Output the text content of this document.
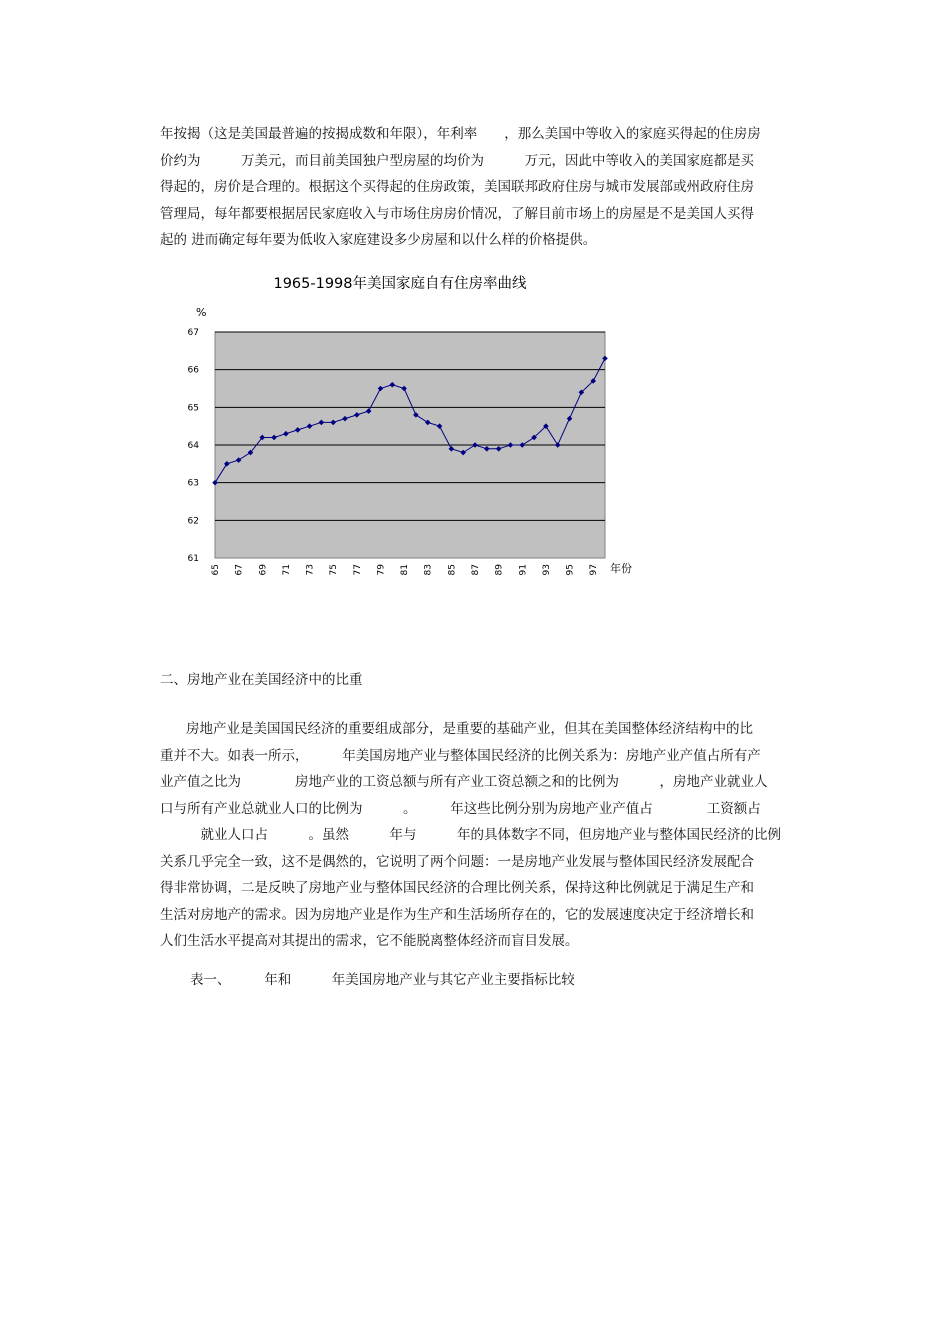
年按揭（这是美国最普遍的按揭成数和年限），年利率　　，那么美国中等收入的家庭买得起的住房房
价约为　　　万美元，而目前美国独户型房屋的均价为　　　万元，因此中等收入的美国家庭都是买
得起的，房价是合理的。根据这个买得起的住房政策，美国联邦政府住房与城市发展部或州政府住房
管理局，每年都要根据居民家庭收入与市场住房房价情况，了解目前市场上的房屋是不是美国人买得
起的 进而确定每年要为低收入家庭建设多少房屋和以什么样的价格提供。
1965-1998年美国家庭自有住房率曲线
61
62
63
64
65
66
67
65 67 69 71 73 75 77 79 81 83 85 87 89 91 93 95 97
%
年份
二、房地产业在美国经济中的比重
房地产业是美国国民经济的重要组成部分，是重要的基础产业，但其在美国整体经济结构中的比
重并不大。如表一所示，　　　年美国房地产业与整体国民经济的比例关系为：房地产业产值占所有产
业产值之比为　　　　房地产业的工资总额与所有产业工资总额之和的比例为　　　，房地产业就业人
口与所有产业总就业人口的比例为　　　。　　　年这些比例分别为房地产业产值占　　　　工资额占
　　　就业人口占　　　。虽然　　　年与　　　年的具体数字不同，但房地产业与整体国民经济的比例
关系几乎完全一致，这不是偶然的，它说明了两个问题：一是房地产业发展与整体国民经济发展配合
得非常协调，二是反映了房地产业与整体国民经济的合理比例关系，保持这种比例就足于满足生产和
生活对房地产的需求。因为房地产业是作为生产和生活场所存在的，它的发展速度决定于经济增长和
人们生活水平提高对其提出的需求，它不能脱离整体经济而盲目发展。
表一、　　　年和　　　年美国房地产业与其它产业主要指标比较
